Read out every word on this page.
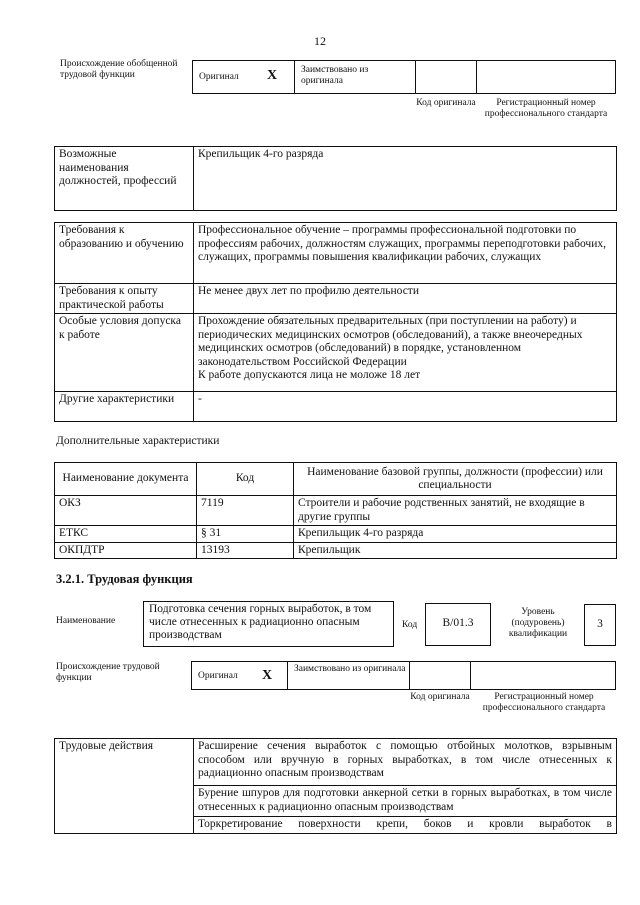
12
Происхождение обобщенной трудовой функции	Оригинал X	Заимствовано из оригинала
Код оригинала	Регистрационный номер профессионального стандарта
Возможные наименования должностей, профессий	Крепильщик 4-го разряда
Требования к образованию и обучению	Профессиональное обучение – программы профессиональной подготовки по профессиям рабочих, должностям служащих, программы переподготовки рабочих, служащих, программы повышения квалификации рабочих, служащих
Требования к опыту практической работы	Не менее двух лет по профилю деятельности
Особые условия допуска к работе	Прохождение обязательных предварительных (при поступлении на работу) и периодических медицинских осмотров (обследований), а также внеочередных медицинских осмотров (обследований) в порядке, установленном законодательством Российской Федерации
К работе допускаются лица не моложе 18 лет

Другие характеристики	-
Дополнительные характеристики
Наименование документа	Код	Наименование базовой группы, должности (профессии) или специальности
ОКЗ	7119	Строители и рабочие родственных занятий, не входящие в другие группы
ЕТКС	§ 31	Крепильщик 4-го разряда
ОКПДТР	13193	Крепильщик
3.2.1. Трудовая функция
Наименование
Подготовка сечения горных выработок, в том числе отнесенных к радиационно опасным производствам
Код	B/01.3
Уровень (подуровень) квалификации
3
Происхождение трудовой функции	Оригинал X Заимствовано из оригинала
Код оригинала	Регистрационный номер профессионального стандарта
Трудовые действия	Расширение сечения выработок с помощью отбойных молотков, взрывным способом или вручную в горных выработках, в том числе отнесенных к радиационно опасным производствам
Бурение шпуров для подготовки анкерной сетки в горных выработках, в том числе отнесенных к радиационно опасным производствам
Торкретирование поверхности крепи, боков и кровли выработок в
